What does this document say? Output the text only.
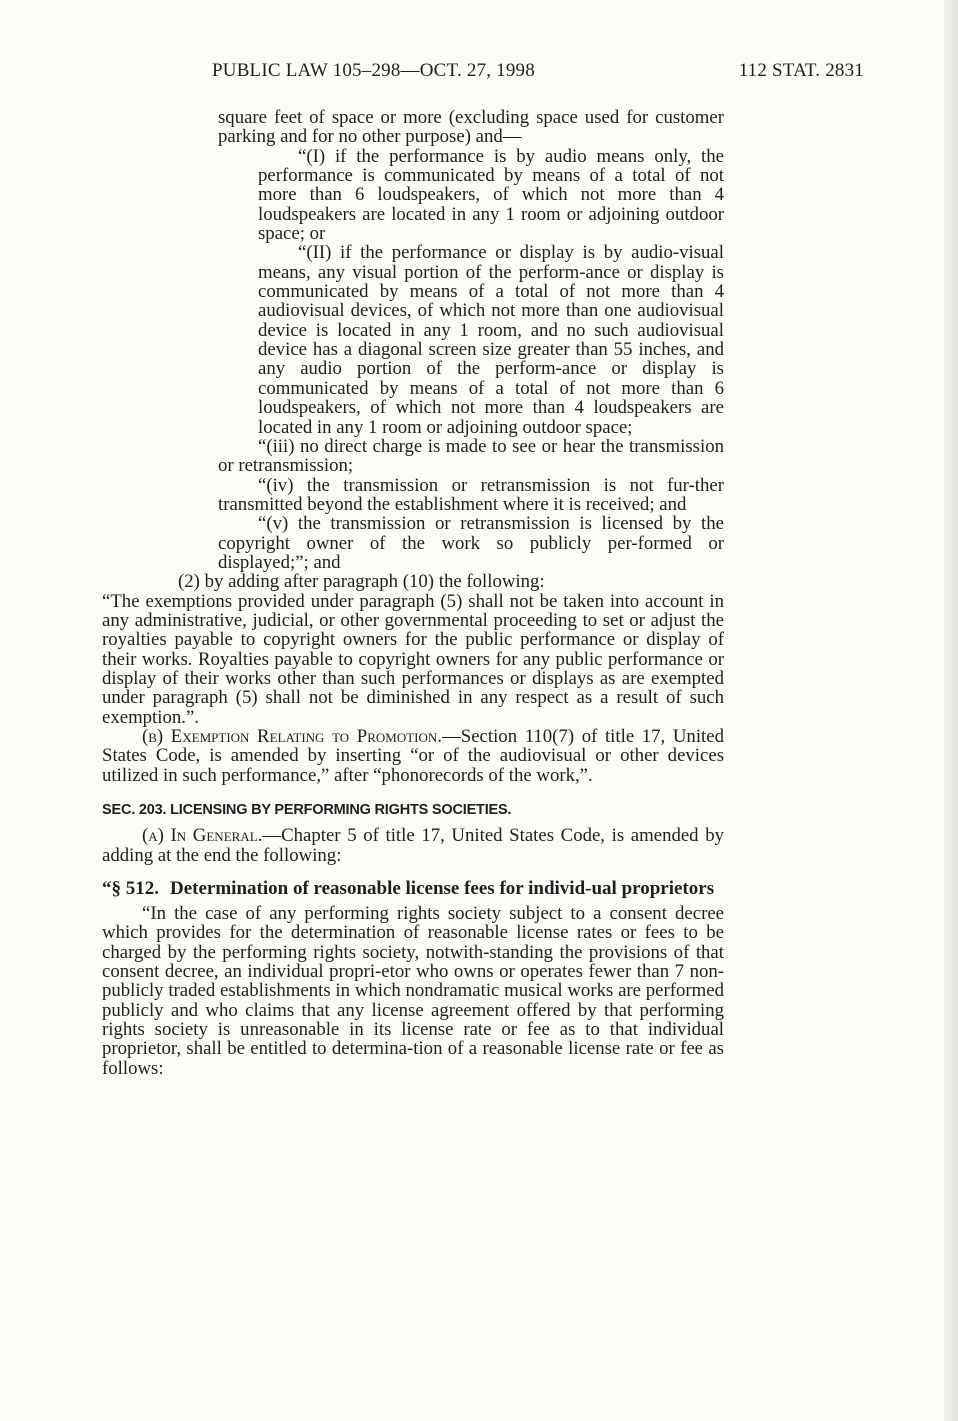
PUBLIC LAW 105–298—OCT. 27, 1998	112 STAT. 2831

square feet of space or more (excluding space used for customer parking and for no other purpose) and—

“(I) if the performance is by audio means only, the performance is communicated by means of a total of not more than 6 loudspeakers, of which not more than 4 loudspeakers are located in any 1 room or adjoining outdoor space; or

“(II) if the performance or display is by audio-visual means, any visual portion of the perform-ance or display is communicated by means of a total of not more than 4 audiovisual devices, of which not more than one audiovisual device is located in any 1 room, and no such audiovisual device has a diagonal screen size greater than 55 inches, and any audio portion of the perform-ance or display is communicated by means of a total of not more than 6 loudspeakers, of which not more than 4 loudspeakers are located in any 1 room or adjoining outdoor space;

“(iii) no direct charge is made to see or hear the transmission or retransmission;

“(iv) the transmission or retransmission is not fur-ther transmitted beyond the establishment where it is received; and

“(v) the transmission or retransmission is licensed by the copyright owner of the work so publicly per-formed or displayed;”; and

(2) by adding after paragraph (10) the following:

“The exemptions provided under paragraph (5) shall not be taken into account in any administrative, judicial, or other governmental proceeding to set or adjust the royalties payable to copyright owners for the public performance or display of their works. Royalties payable to copyright owners for any public performance or display of their works other than such performances or displays as are exempted under paragraph (5) shall not be diminished in any respect as a result of such exemption.”.

(b) Exemption Relating to Promotion.—Section 110(7) of title 17, United States Code, is amended by inserting “or of the audiovisual or other devices utilized in such performance,” after “phonorecords of the work,”.

SEC. 203. LICENSING BY PERFORMING RIGHTS SOCIETIES.

(a) In General.—Chapter 5 of title 17, United States Code, is amended by adding at the end the following:

“§ 512. Determination of reasonable license fees for individ-ual proprietors

“In the case of any performing rights society subject to a consent decree which provides for the determination of reasonable license rates or fees to be charged by the performing rights society, notwith-standing the provisions of that consent decree, an individual propri-etor who owns or operates fewer than 7 non-publicly traded establishments in which nondramatic musical works are performed publicly and who claims that any license agreement offered by that performing rights society is unreasonable in its license rate or fee as to that individual proprietor, shall be entitled to determina-tion of a reasonable license rate or fee as follows:
